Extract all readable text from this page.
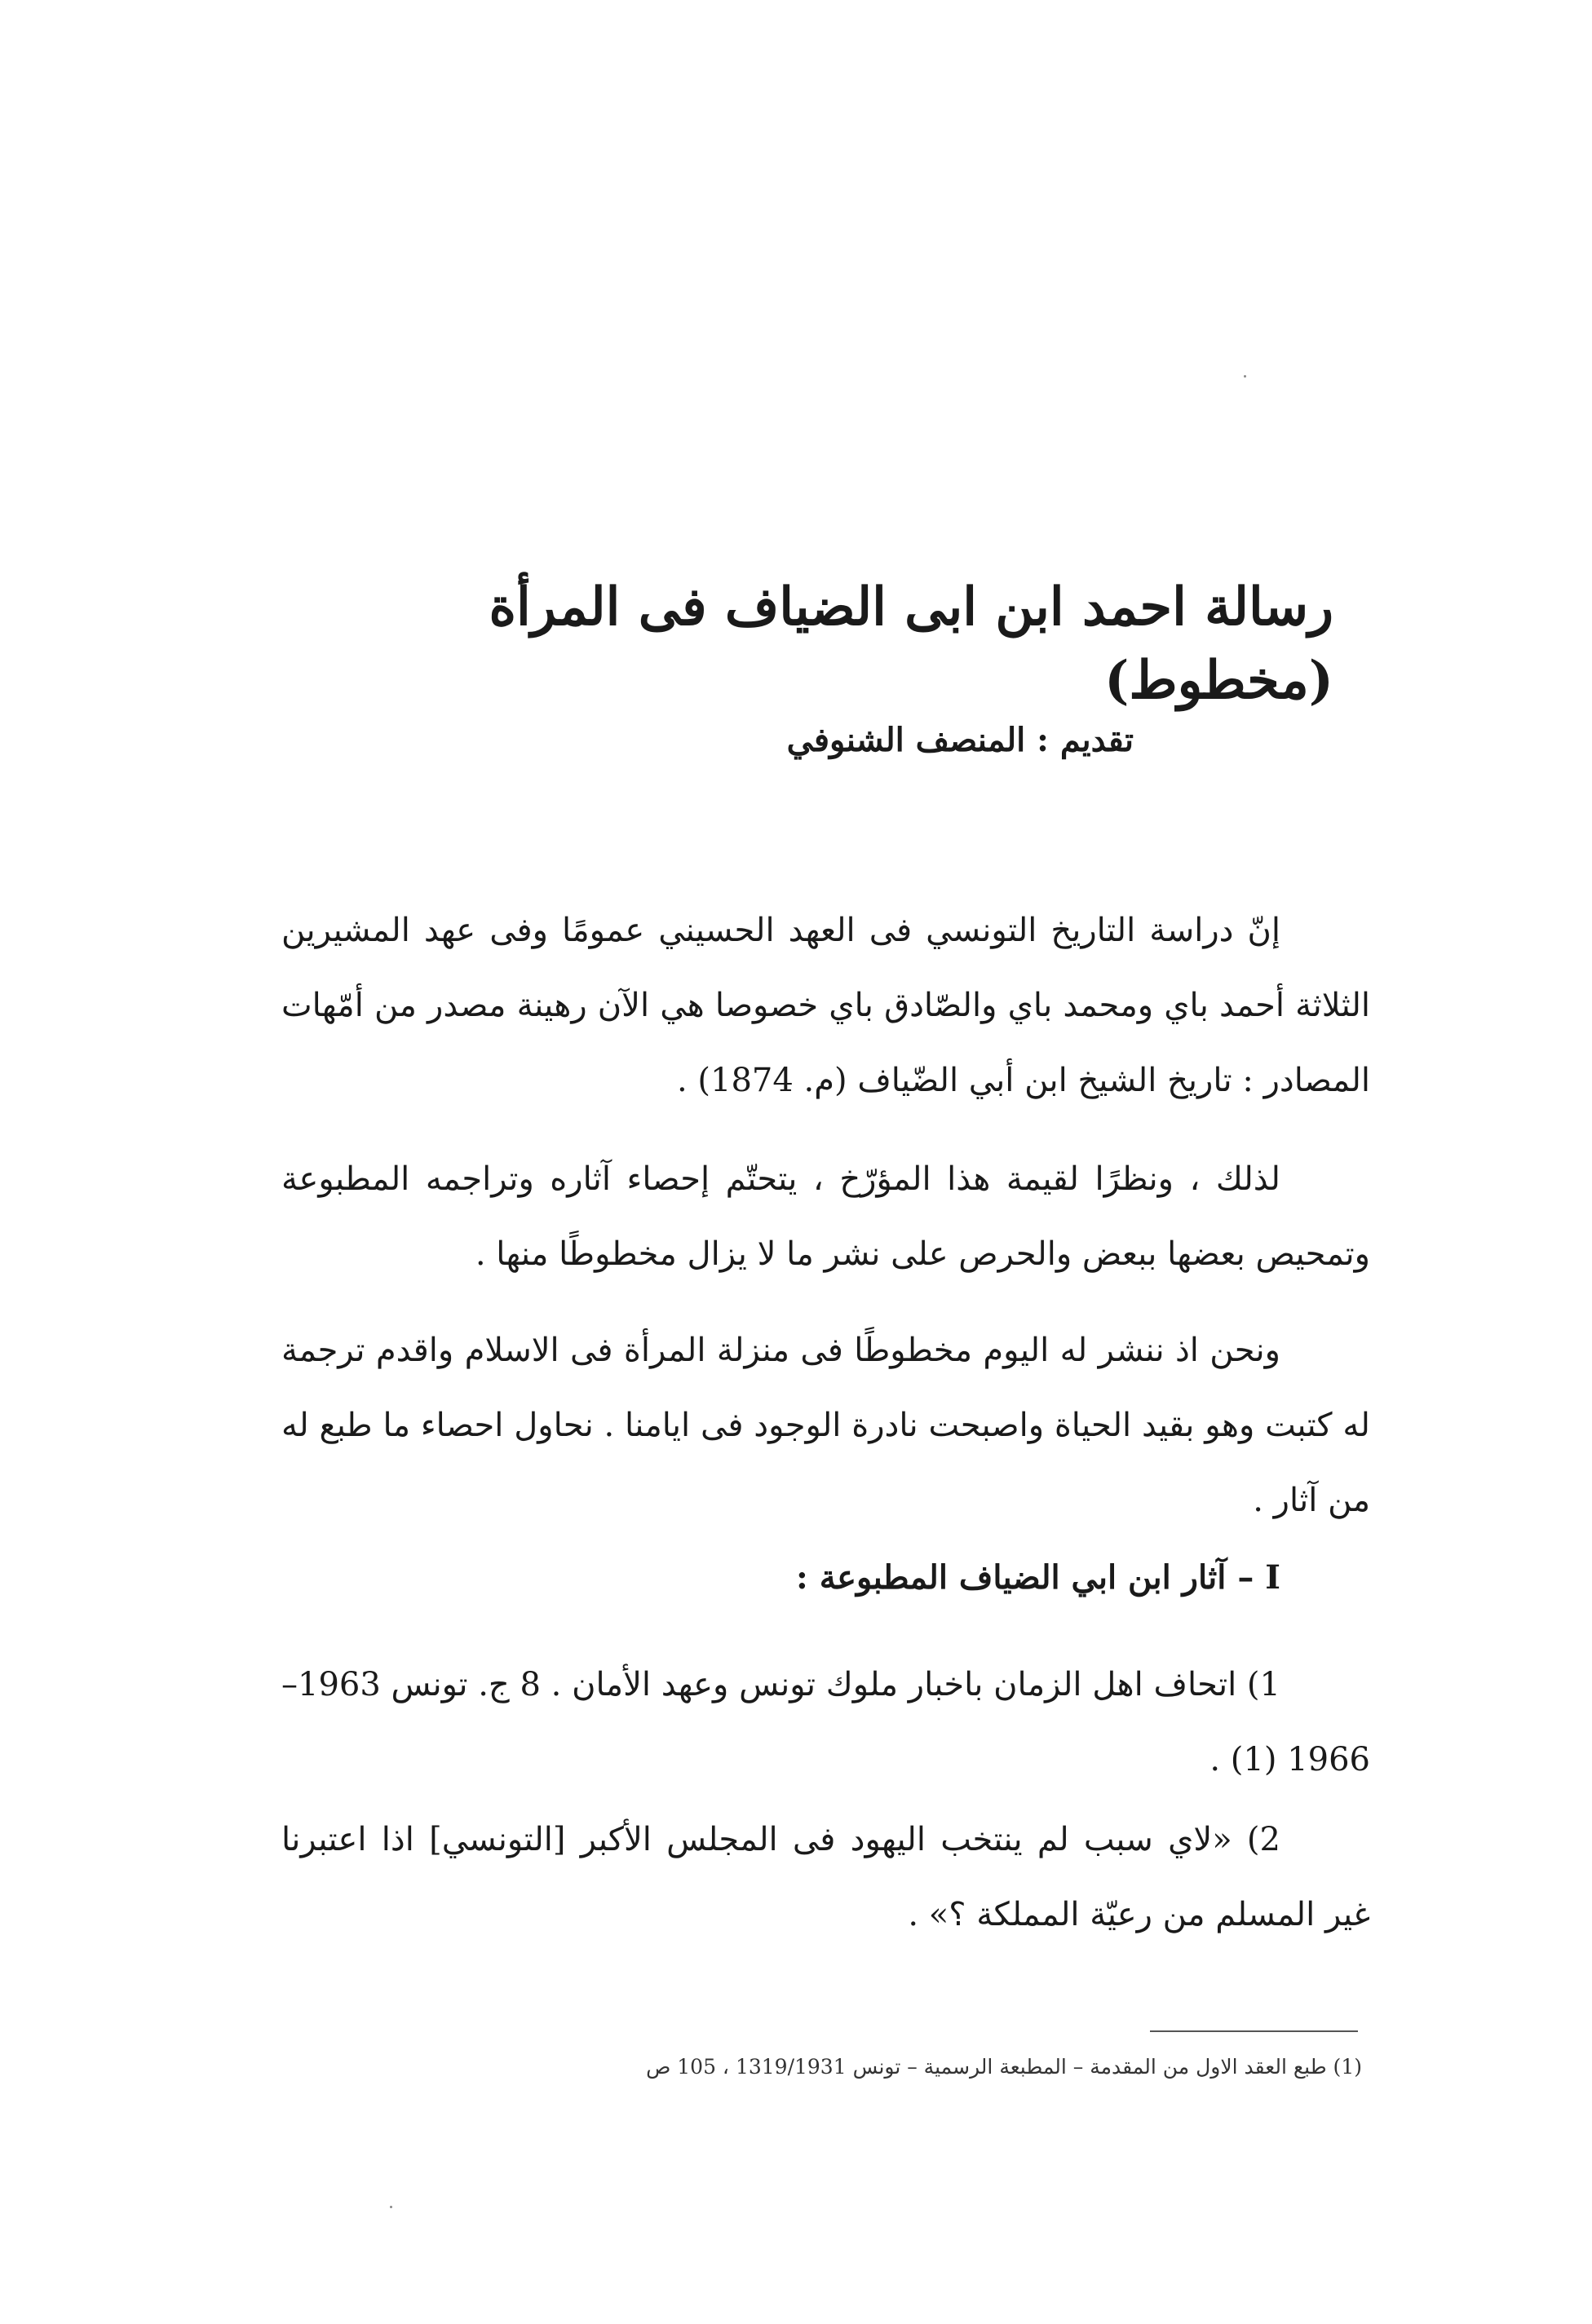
رسالة احمد ابن ابى الضياف فى المرأة (مخطوط)
تقديم : المنصف الشنوفي

إنّ دراسة التاريخ التونسي فى العهد الحسيني عمومًا وفى عهد المشيرين الثلاثة أحمد باي ومحمد باي والصّادق باي خصوصا هي الآن رهينة مصدر من أمّهات المصادر : تاريخ الشيخ ابن أبي الضّياف (م. 1874) .

لذلك ، ونظرًا لقيمة هذا المؤرّخ ، يتحتّم إحصاء آثاره وتراجمه المطبوعة وتمحيص بعضها ببعض والحرص على نشر ما لا يزال مخطوطًا منها .

ونحن اذ ننشر له اليوم مخطوطًا فى منزلة المرأة فى الاسلام واقدم ترجمة له كتبت وهو بقيد الحياة واصبحت نادرة الوجود فى ايامنا . نحاول احصاء ما طبع له من آثار .

I – آثار ابن ابي الضياف المطبوعة :

1) اتحاف اهل الزمان باخبار ملوك تونس وعهد الأمان . 8 ج. تونس 1963–1966 (1) .

2) «لاي سبب لم ينتخب اليهود فى المجلس الأكبر [التونسي] اذا اعتبرنا غير المسلم من رعيّة المملكة ؟» .

(1) طبع العقد الاول من المقدمة – المطبعة الرسمية – تونس 1319/1931 ، 105 ص
